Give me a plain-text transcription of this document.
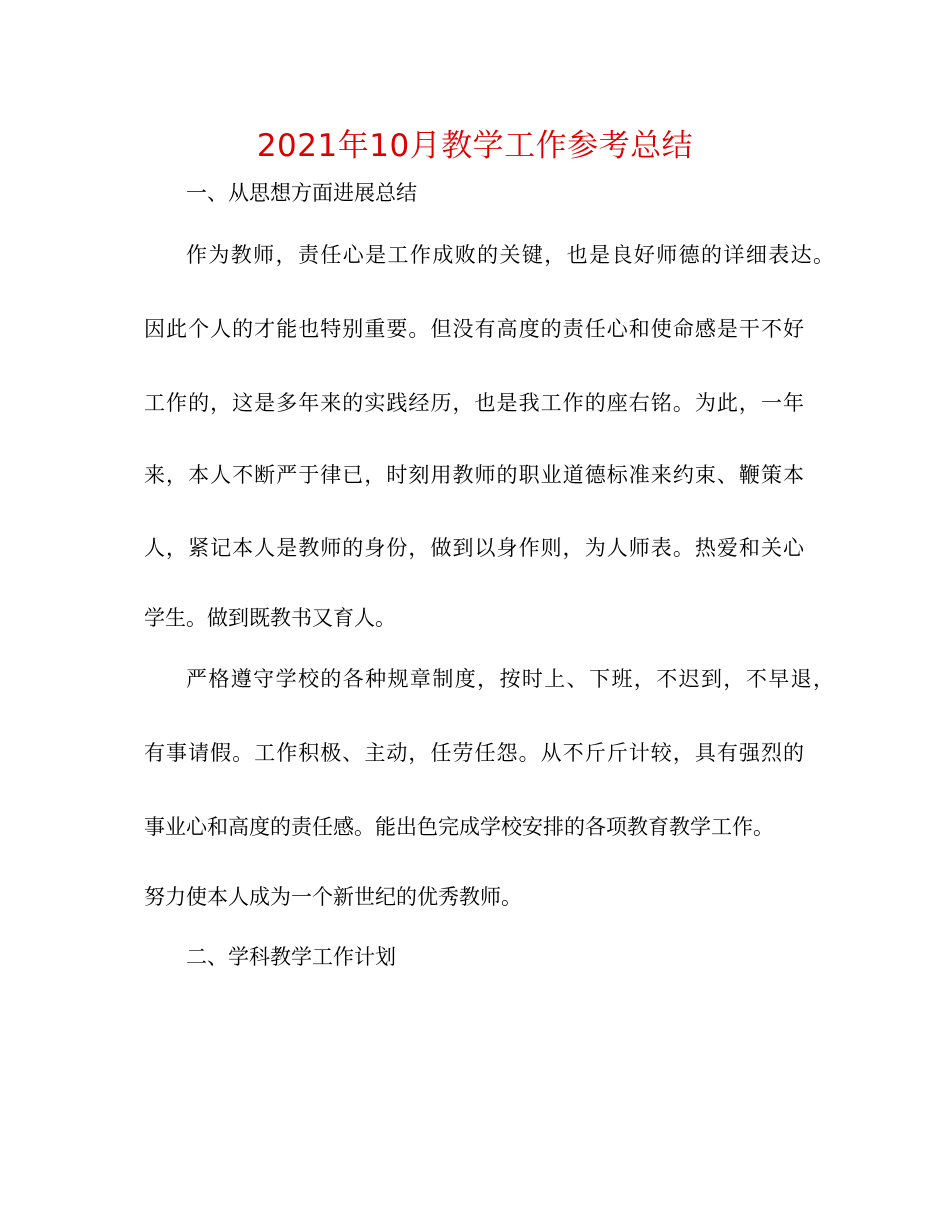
2021年10月教学工作参考总结

一、从思想方面进展总结

作为教师，责任心是工作成败的关键，也是良好师德的详细表达。

因此个人的才能也特别重要。但没有高度的责任心和使命感是干不好

工作的，这是多年来的实践经历，也是我工作的座右铭。为此，一年

来，本人不断严于律已，时刻用教师的职业道德标准来约束、鞭策本

人，紧记本人是教师的身份，做到以身作则，为人师表。热爱和关心

学生。做到既教书又育人。

严格遵守学校的各种规章制度，按时上、下班，不迟到，不早退，

有事请假。工作积极、主动，任劳任怨。从不斤斤计较，具有强烈的

事业心和高度的责任感。能出色完成学校安排的各项教育教学工作。

努力使本人成为一个新世纪的优秀教师。

二、学科教学工作计划
